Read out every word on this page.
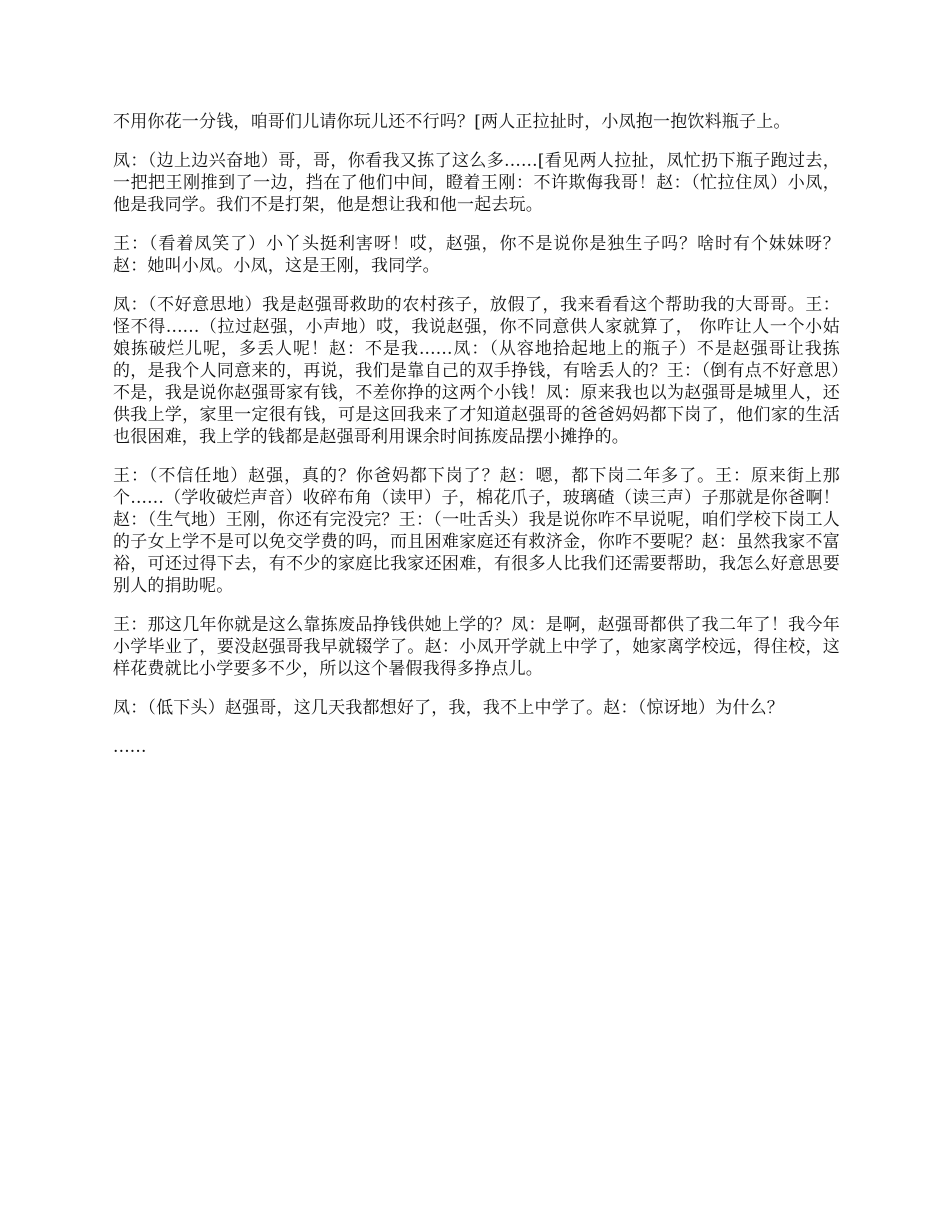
不用你花一分钱，咱哥们儿请你玩儿还不行吗？[两人正拉扯时，小凤抱一抱饮料瓶子上。

凤：（边上边兴奋地）哥，哥，你看我又拣了这么多......[看见两人拉扯，凤忙扔下瓶子跑过去，一把把王刚推到了一边，挡在了他们中间，瞪着王刚：不许欺侮我哥！赵：（忙拉住凤）小凤，他是我同学。我们不是打架，他是想让我和他一起去玩。

王：（看着凤笑了）小丫头挺利害呀！哎，赵强，你不是说你是独生子吗？啥时有个妹妹呀？赵：她叫小凤。小凤，这是王刚，我同学。

凤：（不好意思地）我是赵强哥救助的农村孩子，放假了，我来看看这个帮助我的大哥哥。王：怪不得......（拉过赵强，小声地）哎，我说赵强，你不同意供人家就算了， 你咋让人一个小姑娘拣破烂儿呢，多丢人呢！赵：不是我......凤：（从容地拾起地上的瓶子）不是赵强哥让我拣的，是我个人同意来的，再说，我们是靠自己的双手挣钱，有啥丢人的？王：（倒有点不好意思）不是，我是说你赵强哥家有钱，不差你挣的这两个小钱！凤：原来我也以为赵强哥是城里人，还供我上学，家里一定很有钱，可是这回我来了才知道赵强哥的爸爸妈妈都下岗了，他们家的生活也很困难，我上学的钱都是赵强哥利用课余时间拣废品摆小摊挣的。

王：（不信任地）赵强，真的？你爸妈都下岗了？赵：嗯，都下岗二年多了。王：原来街上那个......（学收破烂声音）收碎布角（读甲）子，棉花爪子，玻璃碴（读三声）子那就是你爸啊！赵：（生气地）王刚，你还有完没完？王：（一吐舌头）我是说你咋不早说呢，咱们学校下岗工人的子女上学不是可以免交学费的吗，而且困难家庭还有救济金，你咋不要呢？赵：虽然我家不富裕，可还过得下去，有不少的家庭比我家还困难，有很多人比我们还需要帮助，我怎么好意思要别人的捐助呢。

王：那这几年你就是这么靠拣废品挣钱供她上学的？凤：是啊，赵强哥都供了我二年了！我今年小学毕业了，要没赵强哥我早就辍学了。赵：小凤开学就上中学了，她家离学校远，得住校，这样花费就比小学要多不少，所以这个暑假我得多挣点儿。

凤：（低下头）赵强哥，这几天我都想好了，我，我不上中学了。赵：（惊讶地）为什么？

......
